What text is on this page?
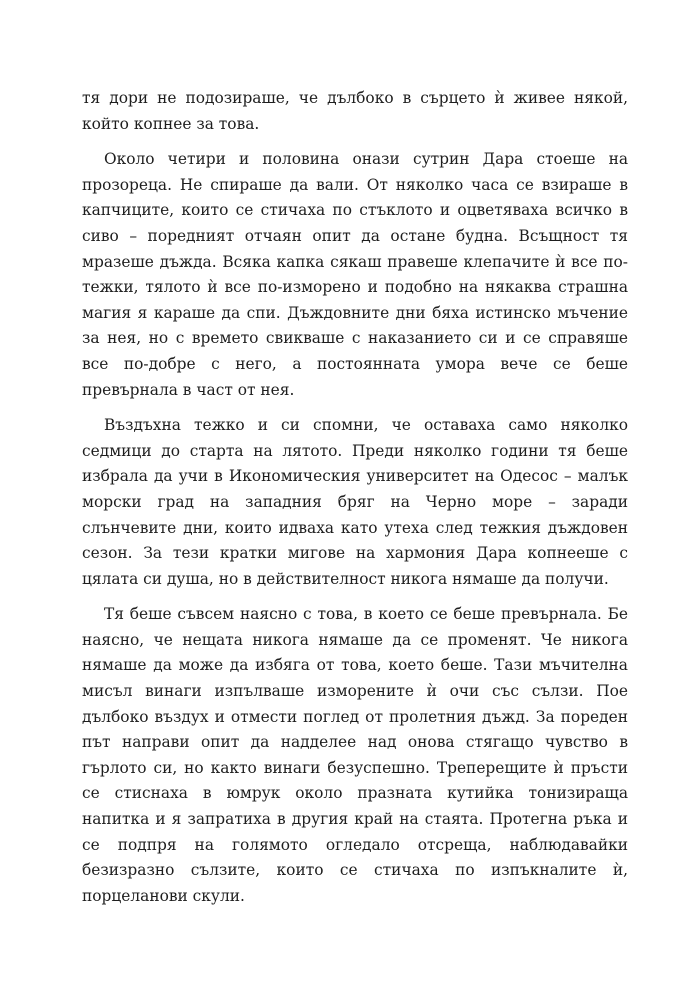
тя дори не подозираше, че дълбоко в сърцето ѝ живее някой, който копнее за това.

Около четири и половина онази сутрин Дара стоеше на прозореца. Не спираше да вали. От няколко часа се взираше в капчиците, които се стичаха по стъклото и оцветяваха всичко в сиво – поредният отчаян опит да остане будна. Всъщност тя мразеше дъжда. Всяка капка сякаш правеше клепачите ѝ все по-тежки, тялото ѝ все по-изморено и подобно на някаква страшна магия я караше да спи. Дъждовните дни бяха истинско мъчение за нея, но с времето свикваше с наказанието си и се справяше все по-добре с него, а постоянната умора вече се беше превърнала в част от нея.

Въздъхна тежко и си спомни, че оставаха само няколко седмици до старта на лятото. Преди няколко години тя беше избрала да учи в Икономическия университет на Одесос – малък морски град на западния бряг на Черно море – заради слънчевите дни, които идваха като утеха след тежкия дъждовен сезон. За тези кратки мигове на хармония Дара копнееше с цялата си душа, но в действителност никога нямаше да получи.

Тя беше съвсем наясно с това, в което се беше превърнала. Бе наясно, че нещата никога нямаше да се променят. Че никога нямаше да може да избяга от това, което беше. Тази мъчителна мисъл винаги изпълваше изморените ѝ очи със сълзи. Пое дълбоко въздух и отмести поглед от пролетния дъжд. За пореден път направи опит да надделее над онова стягащо чувство в гърлото си, но както винаги безуспешно. Треперещите ѝ пръсти се стиснаха в юмрук около празната кутийка тонизираща напитка и я запратиха в другия край на стаята. Протегна ръка и се подпря на голямото огледало отсреща, наблюдавайки безизразно сълзите, които се стичаха по изпъкналите ѝ, порцеланови скули.
